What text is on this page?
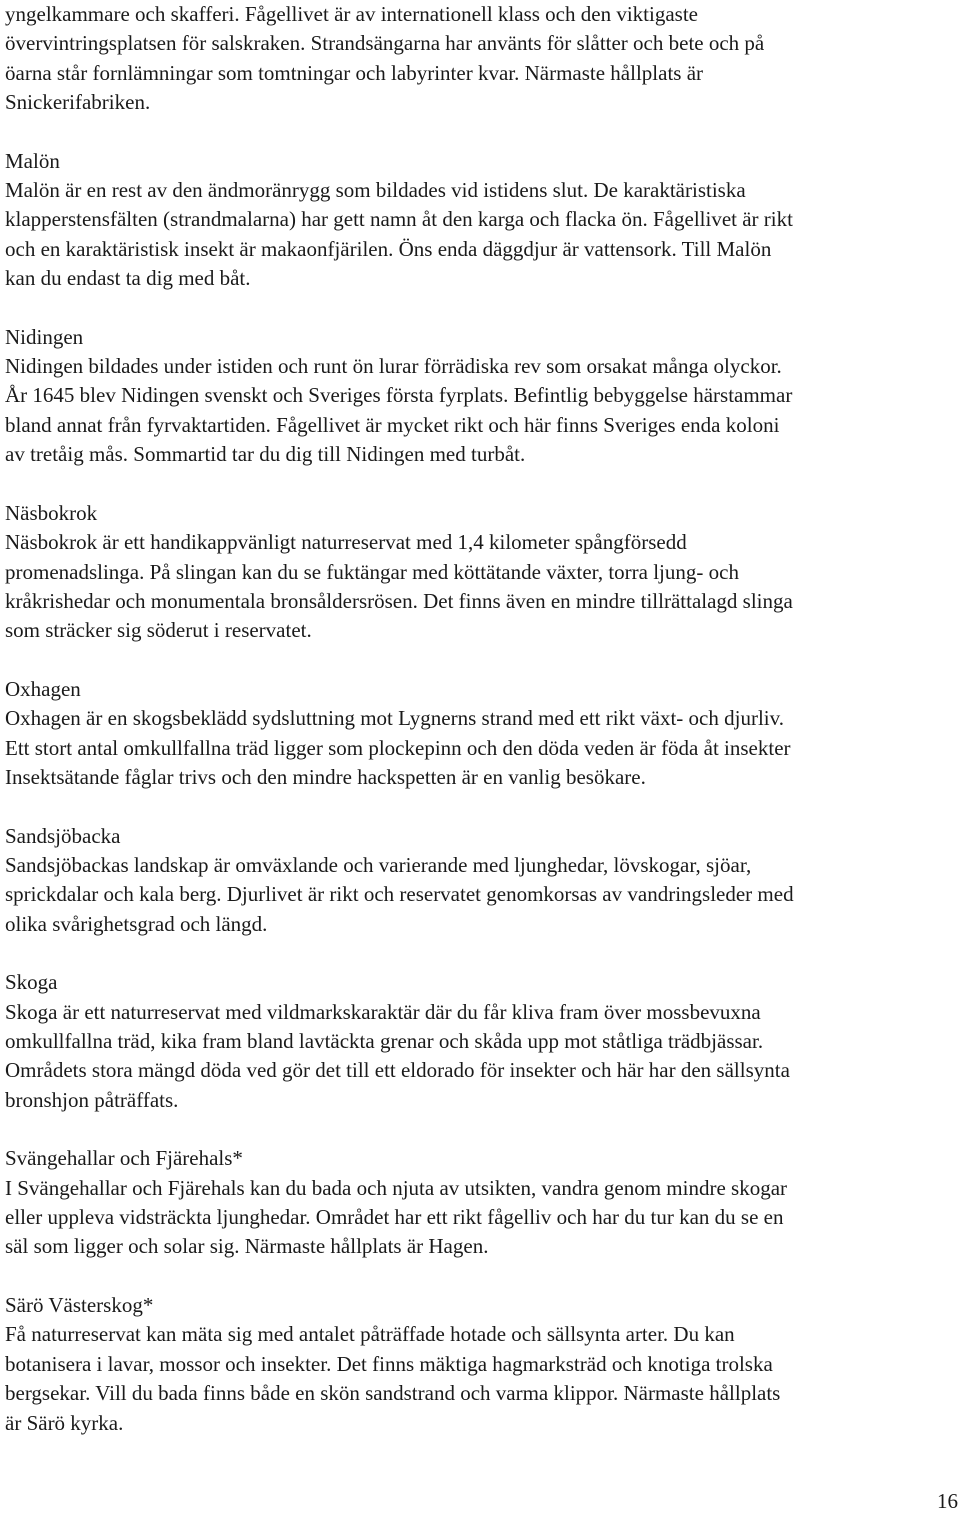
yngelkammare och skafferi. Fågellivet är av internationell klass och den viktigaste
övervintringsplatsen för salskraken. Strandsängarna har använts för slåtter och bete och på
öarna står fornlämningar som tomtningar och labyrinter kvar. Närmaste hållplats är
Snickerifabriken.
Malön
Malön är en rest av den ändmoränrygg som bildades vid istidens slut. De karaktäristiska
klapperstensfälten (strandmalarna) har gett namn åt den karga och flacka ön. Fågellivet är rikt
och en karaktäristisk insekt är makaonfjärilen. Öns enda däggdjur är vattensork. Till Malön
kan du endast ta dig med båt.
Nidingen
Nidingen bildades under istiden och runt ön lurar förrädiska rev som orsakat många olyckor.
År 1645 blev Nidingen svenskt och Sveriges första fyrplats. Befintlig bebyggelse härstammar
bland annat från fyrvaktartiden. Fågellivet är mycket rikt och här finns Sveriges enda koloni
av tretåig mås. Sommartid tar du dig till Nidingen med turbåt.
Näsbokrok
Näsbokrok är ett handikappvänligt naturreservat med 1,4 kilometer spångförsedd
promenadslinga. På slingan kan du se fuktängar med köttätande växter, torra ljung- och
kråkrishedar och monumentala bronsåldersrösen. Det finns även en mindre tillrättalagd slinga
som sträcker sig söderut i reservatet.
Oxhagen
Oxhagen är en skogsbeklädd sydsluttning mot Lygnerns strand med ett rikt växt- och djurliv.
Ett stort antal omkullfallna träd ligger som plockepinn och den döda veden är föda åt insekter
Insektsätande fåglar trivs och den mindre hackspetten är en vanlig besökare.
Sandsjöbacka
Sandsjöbackas landskap är omväxlande och varierande med ljunghedar, lövskogar, sjöar,
sprickdalar och kala berg. Djurlivet är rikt och reservatet genomkorsas av vandringsleder med
olika svårighetsgrad och längd.
Skoga
Skoga är ett naturreservat med vildmarkskaraktär där du får kliva fram över mossbevuxna
omkullfallna träd, kika fram bland lavtäckta grenar och skåda upp mot ståtliga trädbjässar.
Områdets stora mängd döda ved gör det till ett eldorado för insekter och här har den sällsynta
bronshjon påträffats.
Svängehallar och Fjärehals*
I Svängehallar och Fjärehals kan du bada och njuta av utsikten, vandra genom mindre skogar
eller uppleva vidsträckta ljunghedar. Området har ett rikt fågelliv och har du tur kan du se en
säl som ligger och solar sig. Närmaste hållplats är Hagen.
Särö Västerskog*
Få naturreservat kan mäta sig med antalet påträffade hotade och sällsynta arter. Du kan
botanisera i lavar, mossor och insekter. Det finns mäktiga hagmarksträd och knotiga trolska
bergsekar. Vill du bada finns både en skön sandstrand och varma klippor. Närmaste hållplats
är Särö kyrka.
16
